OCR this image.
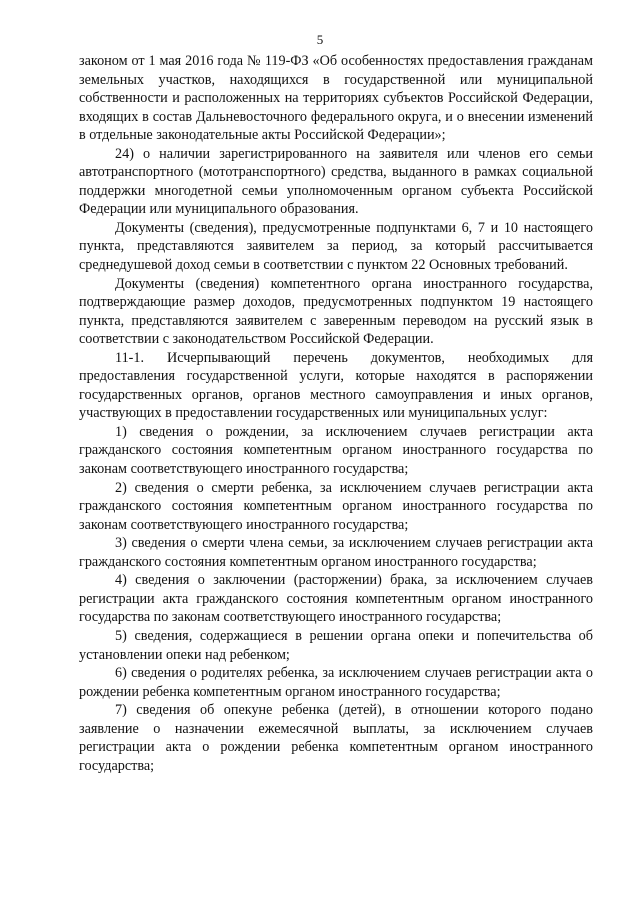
5

законом от 1 мая 2016 года № 119-ФЗ «Об особенностях предоставления гражданам земельных участков, находящихся в государственной или муниципальной собственности и расположенных на территориях субъектов Российской Федерации, входящих в состав Дальневосточного федерального округа, и о внесении изменений в отдельные законодательные акты Российской Федерации»;

24) о наличии зарегистрированного на заявителя или членов его семьи автотранспортного (мототранспортного) средства, выданного в рамках социальной поддержки многодетной семьи уполномоченным органом субъекта Российской Федерации или муниципального образования.

Документы (сведения), предусмотренные подпунктами 6, 7 и 10 настоящего пункта, представляются заявителем за период, за который рассчитывается среднедушевой доход семьи в соответствии с пунктом 22 Основных требований.

Документы (сведения) компетентного органа иностранного государства, подтверждающие размер доходов, предусмотренных подпунктом 19 настоящего пункта, представляются заявителем с заверенным переводом на русский язык в соответствии с законодательством Российской Федерации.

11-1. Исчерпывающий перечень документов, необходимых для предоставления государственной услуги, которые находятся в распоряжении государственных органов, органов местного самоуправления и иных органов, участвующих в предоставлении государственных или муниципальных услуг:

1) сведения о рождении, за исключением случаев регистрации акта гражданского состояния компетентным органом иностранного государства по законам соответствующего иностранного государства;

2) сведения о смерти ребенка, за исключением случаев регистрации акта гражданского состояния компетентным органом иностранного государства по законам соответствующего иностранного государства;

3) сведения о смерти члена семьи, за исключением случаев регистрации акта гражданского состояния компетентным органом иностранного государства;

4) сведения о заключении (расторжении) брака, за исключением случаев регистрации акта гражданского состояния компетентным органом иностранного государства по законам соответствующего иностранного государства;

5) сведения, содержащиеся в решении органа опеки и попечительства об установлении опеки над ребенком;

6) сведения о родителях ребенка, за исключением случаев регистрации акта о рождении ребенка компетентным органом иностранного государства;

7) сведения об опекуне ребенка (детей), в отношении которого подано заявление о назначении ежемесячной выплаты, за исключением случаев регистрации акта о рождении ребенка компетентным органом иностранного государства;
